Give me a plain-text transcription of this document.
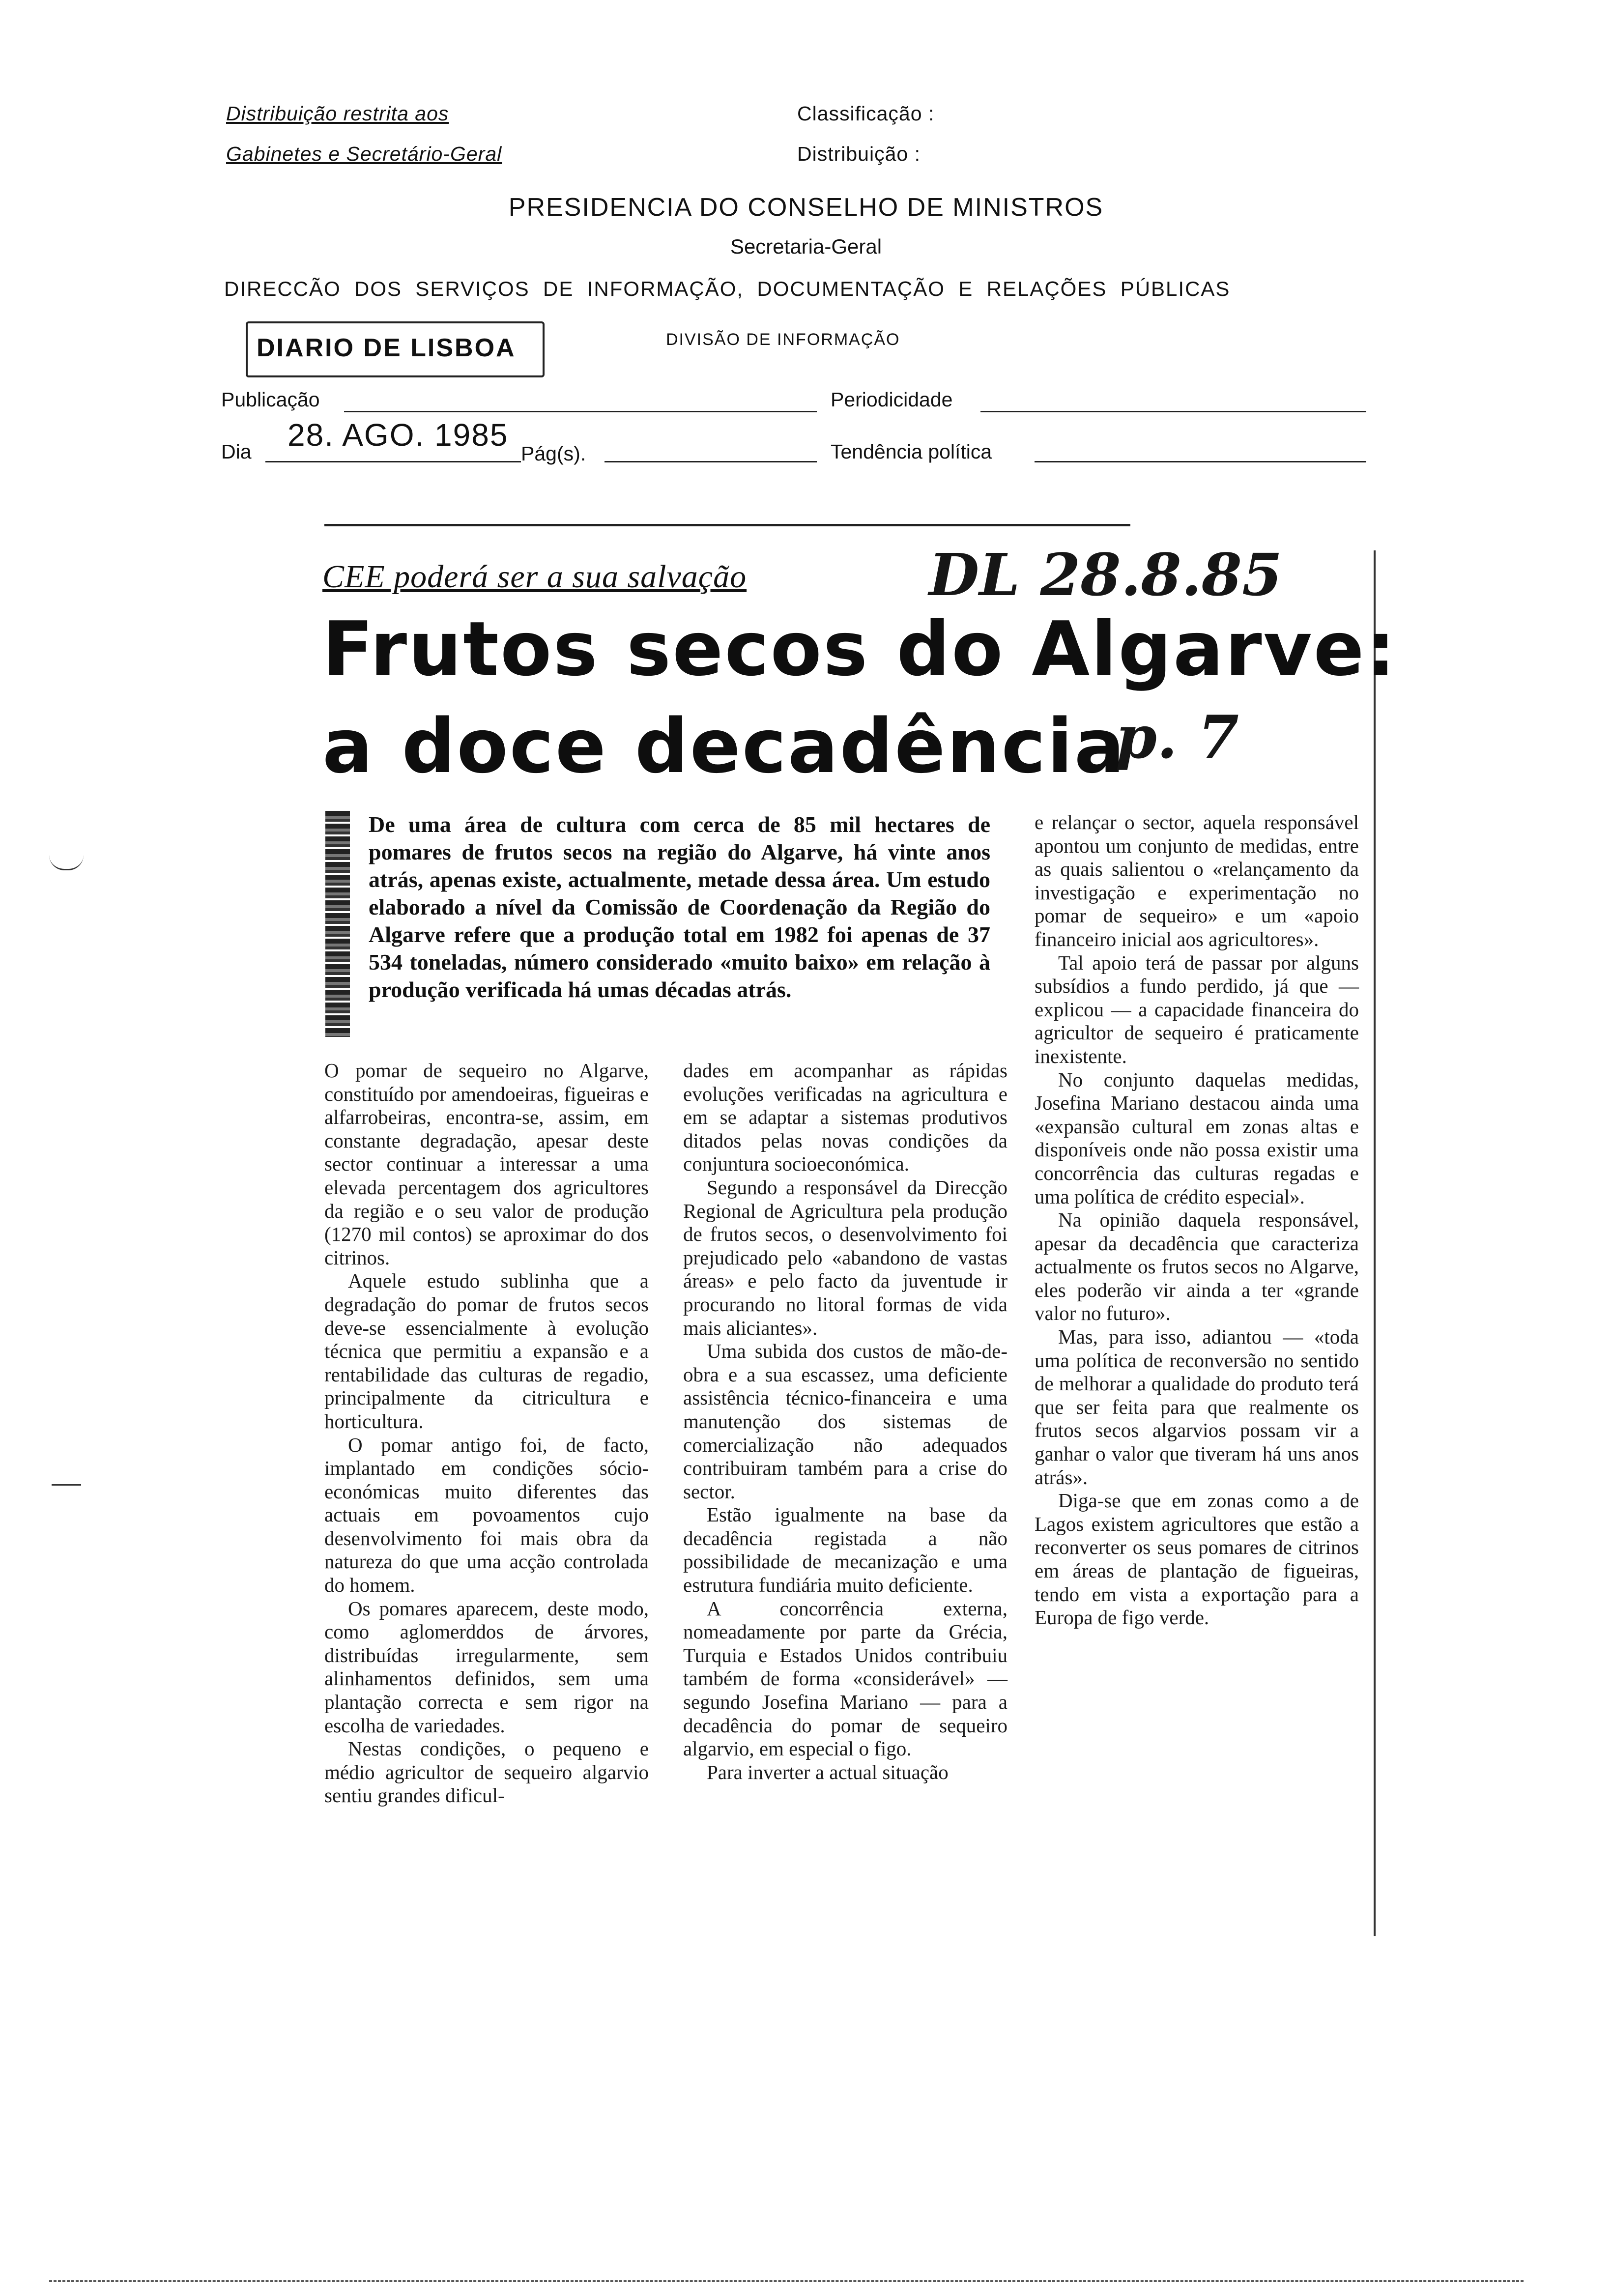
Distribuição restrita aos
Gabinetes e Secretário-Geral
Classificação :
Distribuição :
PRESIDENCIA DO CONSELHO DE MINISTROS
Secretaria-Geral
DIRECCÃO  DOS  SERVIÇOS  DE  INFORMAÇÃO,  DOCUMENTAÇÃO  E  RELAÇÕES  PÚBLICAS
DIARIO DE LISBOA	DIVISÃO DE INFORMAÇÃO
Publicação	Periodicidade
Dia 28. AGO. 1985
Pág(s).	Tendência política
CEE poderá ser a sua salvação	DL 28.8.85
Frutos secos do Algarve:
a doce decadência
p. 7
De uma área de cultura com cerca de 85 mil hectares de pomares de frutos secos na região do Algarve, há vinte anos atrás, apenas existe, actualmente, metade dessa área. Um estudo elaborado a nível da Comissão de Coordenação da Região do Algarve refere que a produção total em 1982 foi apenas de 37 534 toneladas, número considerado «muito baixo» em relação à produção verificada há umas décadas atrás.

O pomar de sequeiro no Algarve, constituído por amendoeiras, figueiras e alfarrobeiras, encontra-se, assim, em constante degradação, apesar deste sector continuar a interessar a uma elevada percentagem dos agricultores da região e o seu valor de produção (1270 mil contos) se aproximar do dos citrinos.

Aquele estudo sublinha que a degradação do pomar de frutos secos deve-se essencialmente à evolução técnica que permitiu a expansão e a rentabilidade das culturas de regadio, principalmente da citricultura e horticultura.

O pomar antigo foi, de facto, implantado em condições sócio-económicas muito diferentes das actuais em povoamentos cujo desenvolvimento foi mais obra da natureza do que uma acção controlada do homem.

Os pomares aparecem, deste modo, como aglomerddos de árvores, distribuídas irregularmente, sem alinhamentos definidos, sem uma plantação correcta e sem rigor na escolha de variedades.

Nestas condições, o pequeno e médio agricultor de sequeiro algarvio sentiu grandes dificul-

dades em acompanhar as rápidas evoluções verificadas na agricultura e em se adaptar a sistemas produtivos ditados pelas novas condições da conjuntura socioeconómica.

Segundo a responsável da Direcção Regional de Agricultura pela produção de frutos secos, o desenvolvimento foi prejudicado pelo «abandono de vastas áreas» e pelo facto da juventude ir procurando no litoral formas de vida mais aliciantes».

Uma subida dos custos de mão-de-obra e a sua escassez, uma deficiente assistência técnico-financeira e uma manutenção dos sistemas de comercialização não adequados contribuiram também para a crise do sector.

Estão igualmente na base da decadência registada a não possibilidade de mecanização e uma estrutura fundiária muito deficiente.

A concorrência externa, nomeadamente por parte da Grécia, Turquia e Estados Unidos contribuiu também de forma «considerável» — segundo Josefina Mariano — para a decadência do pomar de sequeiro algarvio, em especial o figo.

Para inverter a actual situação

e relançar o sector, aquela responsável apontou um conjunto de medidas, entre as quais salientou o «relançamento da investigação e experimentação no pomar de sequeiro» e um «apoio financeiro inicial aos agricultores».

Tal apoio terá de passar por alguns subsídios a fundo perdido, já que — explicou — a capacidade financeira do agricultor de sequeiro é praticamente inexistente.

No conjunto daquelas medidas, Josefina Mariano destacou ainda uma «expansão cultural em zonas altas e disponíveis onde não possa existir uma concorrência das culturas regadas e uma política de crédito especial».

Na opinião daquela responsável, apesar da decadência que caracteriza actualmente os frutos secos no Algarve, eles poderão vir ainda a ter «grande valor no futuro».

Mas, para isso, adiantou — «toda uma política de reconversão no sentido de melhorar a qualidade do produto terá que ser feita para que realmente os frutos secos algarvios possam vir a ganhar o valor que tiveram há uns anos atrás».

Diga-se que em zonas como a de Lagos existem agricultores que estão a reconverter os seus pomares de citrinos em áreas de plantação de figueiras, tendo em vista a exportação para a Europa de figo verde.
